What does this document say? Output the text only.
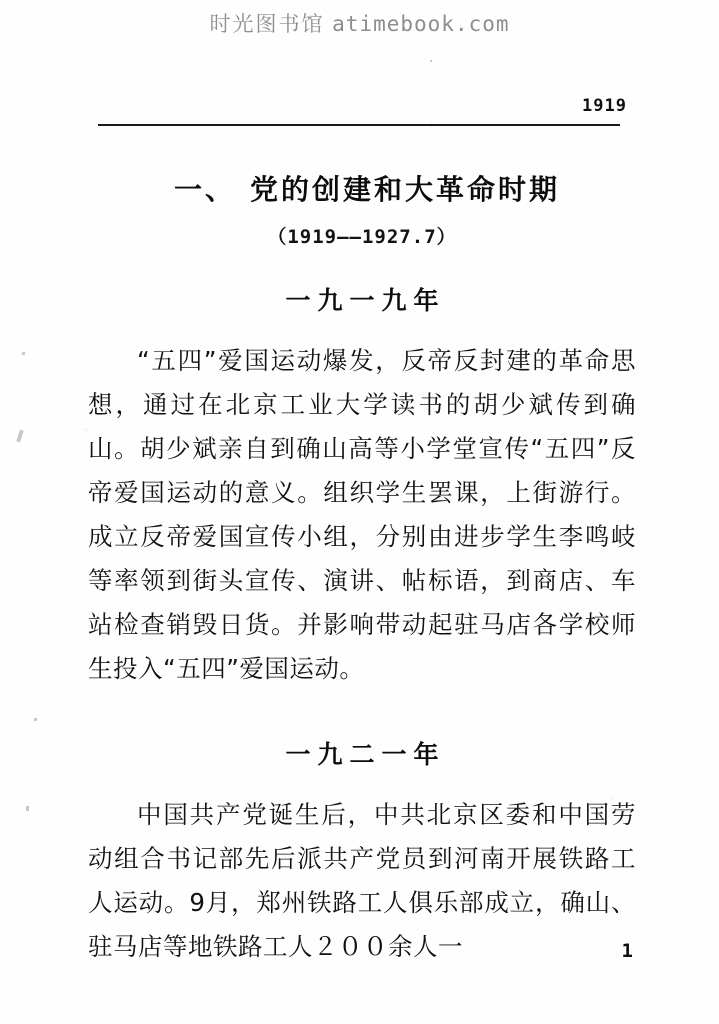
时光图书馆 atimebook.com
1919
一、 党的创建和大革命时期
（1919——1927.7）
一九一九年
“五四”爱国运动爆发，反帝反封建的革命思想，通过在北京工业大学读书的胡少斌传到确山。胡少斌亲自到确山高等小学堂宣传“五四”反帝爱国运动的意义。组织学生罢课，上街游行。成立反帝爱国宣传小组，分别由进步学生李鸣岐等率领到街头宣传、演讲、帖标语，到商店、车站检查销毁日货。并影响带动起驻马店各学校师生投入“五四”爱国运动。
一九二一年
中国共产党诞生后，中共北京区委和中国劳动组合书记部先后派共产党员到河南开展铁路工人运动。9月，郑州铁路工人俱乐部成立，确山、驻马店等地铁路工人２００余人一	1
